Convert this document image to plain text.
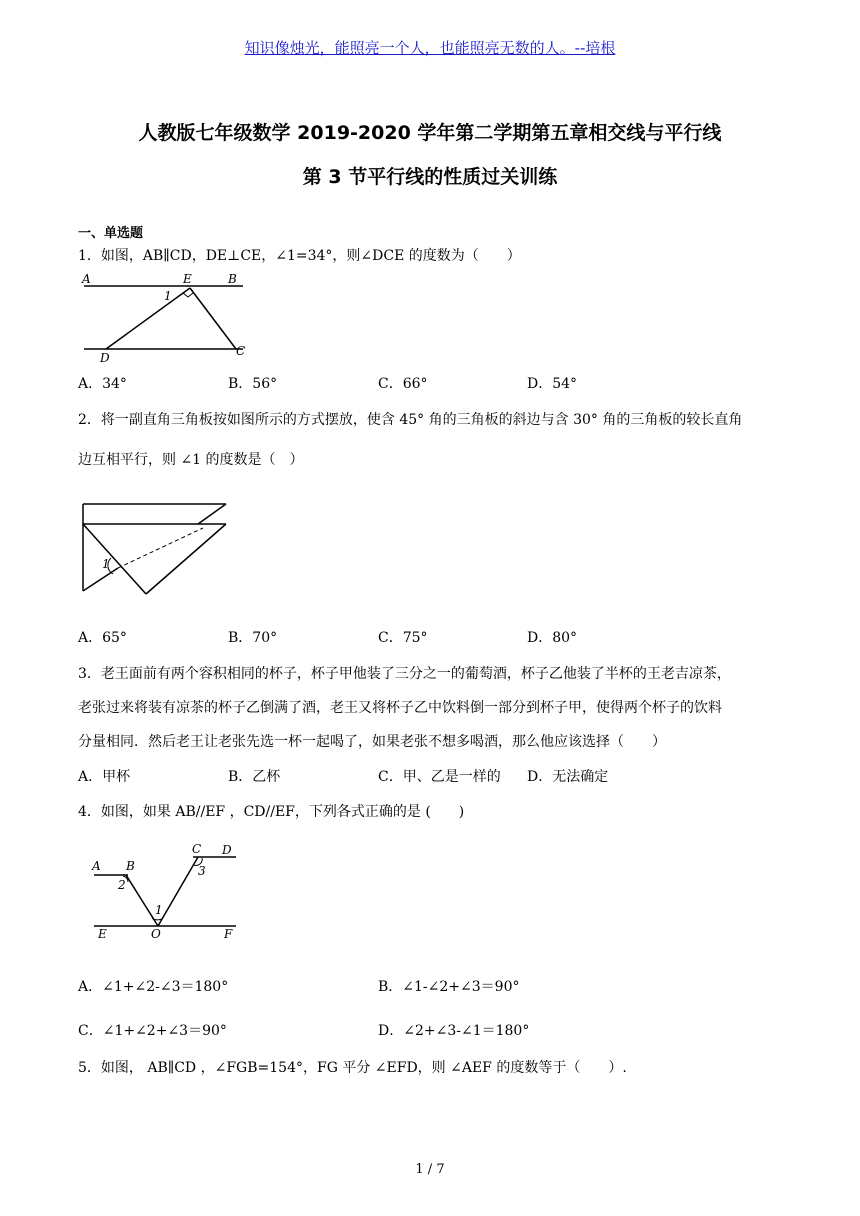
知识像烛光，能照亮一个人，也能照亮无数的人。--培根
人教版七年级数学 2019-2020 学年第二学期第五章相交线与平行线
第 3 节平行线的性质过关训练
一、单选题
1．如图，AB∥CD，DE⊥CE，∠1=34°，则∠DCE 的度数为（　　）
A	E	B
1
D	C
A．34°	B．56°	C．66°	D．54°
2．将一副直角三角板按如图所示的方式摆放，使含 45° 角的三角板的斜边与含 30° 角的三角板的较长直角
边互相平行，则 ∠1 的度数是（　）
1
A．65°	B．70°	C．75°	D．80°
3．老王面前有两个容积相同的杯子，杯子甲他装了三分之一的葡萄酒，杯子乙他装了半杯的王老吉凉茶，
老张过来将装有凉茶的杯子乙倒满了酒，老王又将杯子乙中饮料倒一部分到杯子甲，使得两个杯子的饮料
分量相同．然后老王让老张先选一杯一起喝了，如果老张不想多喝酒，那么他应该选择（　　）
A．甲杯	B．乙杯	C．甲、乙是一样的 D．无法确定
4．如图，如果 AB//EF ，CD//EF，下列各式正确的是 (　　)
A B
2
C D
3
1
E	O	F
A．∠1+∠2-∠3＝180°	B．∠1-∠2+∠3＝90°
C．∠1+∠2+∠3＝90°	D．∠2+∠3-∠1＝180°
5．如图， AB∥CD ，∠FGB=154°，FG 平分 ∠EFD，则 ∠AEF 的度数等于（　　）.
1 / 7
